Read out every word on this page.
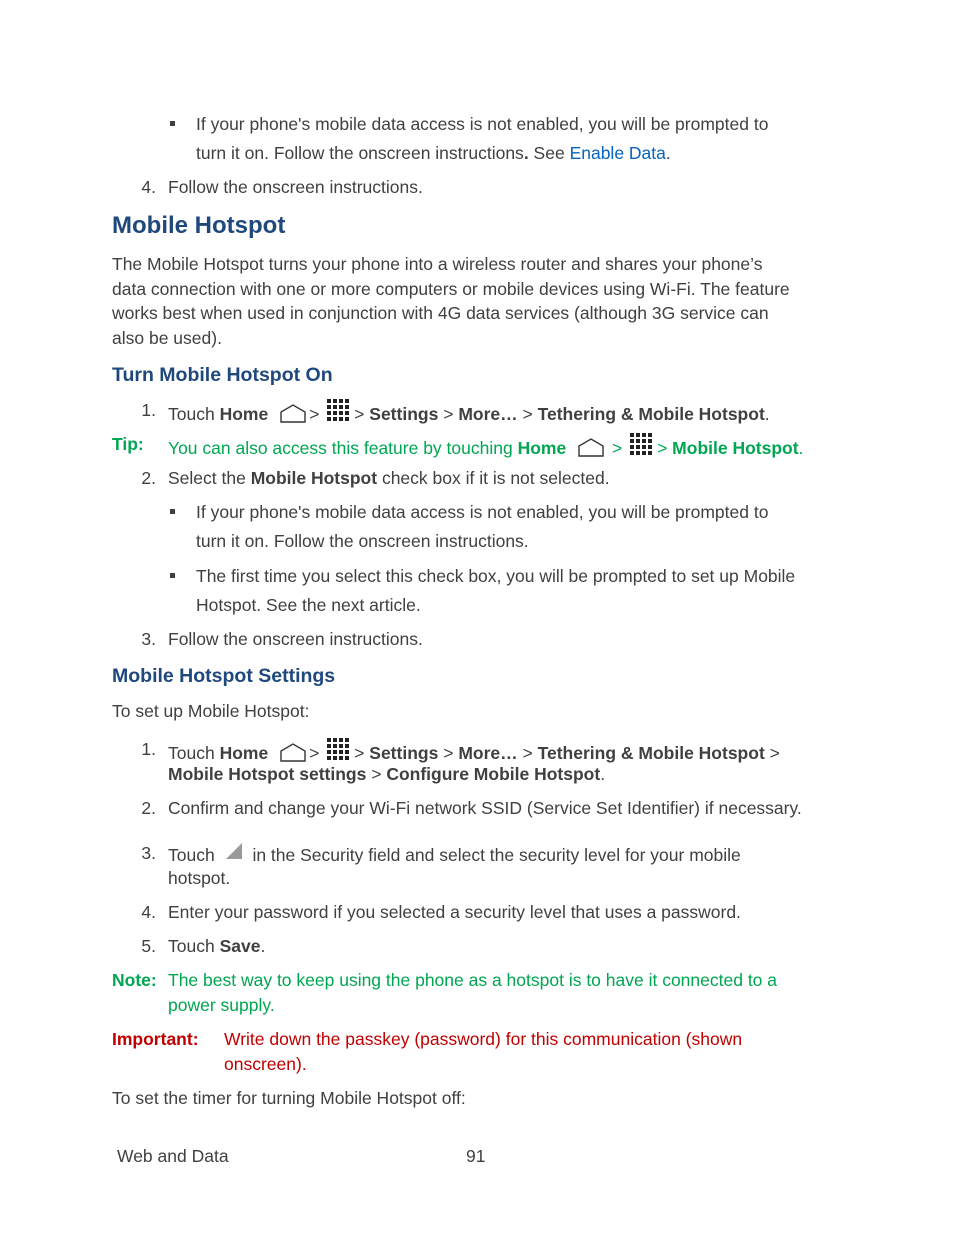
If your phone's mobile data access is not enabled, you will be prompted to
turn it on. Follow the onscreen instructions. See Enable Data.
4. Follow the onscreen instructions.
Mobile Hotspot
The Mobile Hotspot turns your phone into a wireless router and shares your phone’s
data connection with one or more computers or mobile devices using Wi-Fi. The feature
works best when used in conjunction with 4G data services (although 3G service can
also be used).
Turn Mobile Hotspot On
1. Touch Home > > Settings > More… > Tethering & Mobile Hotspot.
Tip: You can also access this feature by touching Home	> > Mobile Hotspot.
2. Select the Mobile Hotspot check box if it is not selected.
If your phone's mobile data access is not enabled, you will be prompted to
turn it on. Follow the onscreen instructions.
The first time you select this check box, you will be prompted to set up Mobile
Hotspot. See the next article.
3. Follow the onscreen instructions.
Mobile Hotspot Settings
To set up Mobile Hotspot:
1. Touch Home > > Settings > More… > Tethering & Mobile Hotspot >
Mobile Hotspot settings > Configure Mobile Hotspot.
2. Confirm and change your Wi-Fi network SSID (Service Set Identifier) if necessary.
3. Touch in the Security field and select the security level for your mobile
hotspot.
4. Enter your password if you selected a security level that uses a password.
5. Touch Save.
Note: The best way to keep using the phone as a hotspot is to have it connected to a
power supply.
Important: Write down the passkey (password) for this communication (shown
onscreen).
To set the timer for turning Mobile Hotspot off:
Web and Data	91
